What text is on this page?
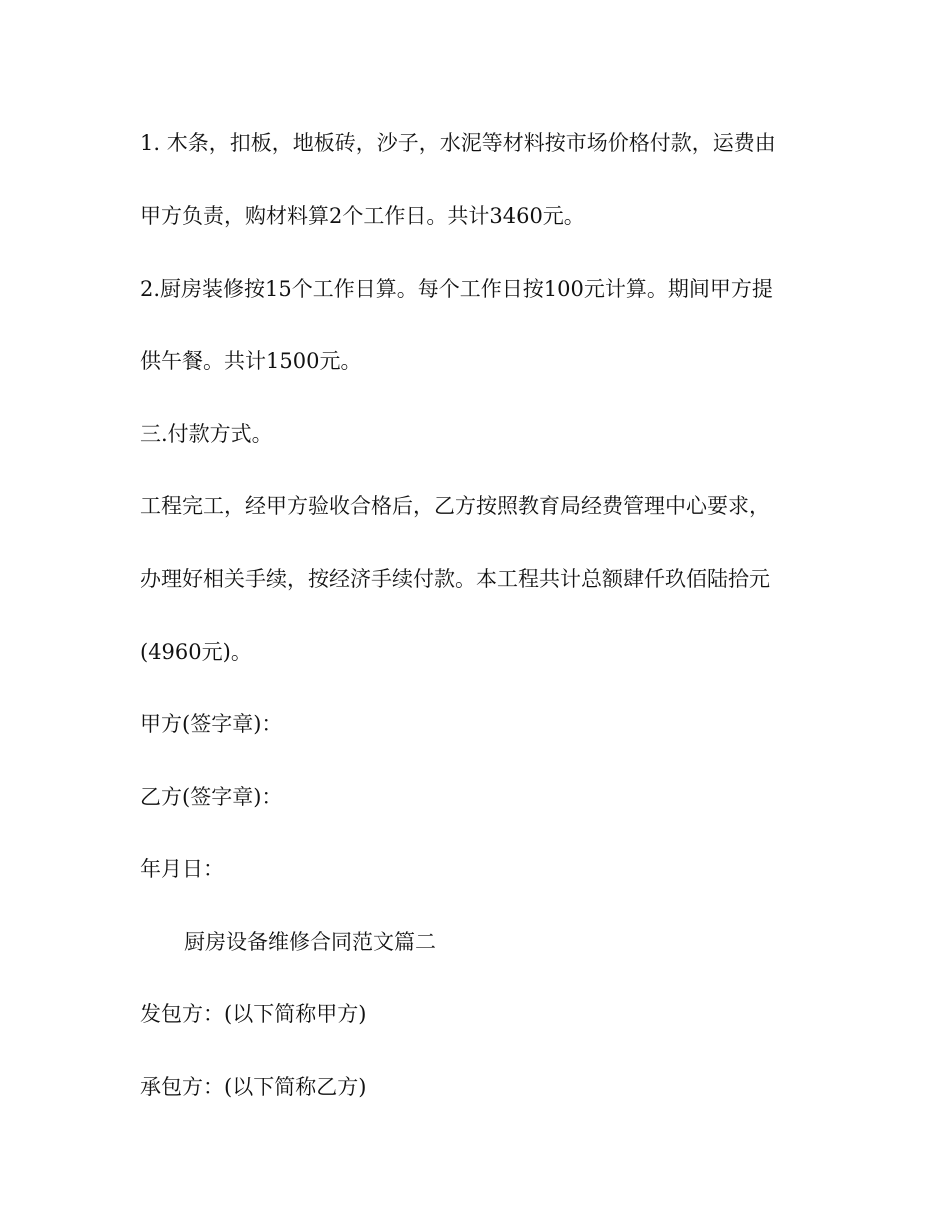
1. 木条，扣板，地板砖，沙子，水泥等材料按市场价格付款，运费由
甲方负责，购材料算2个工作日。共计3460元。
2.厨房装修按15个工作日算。每个工作日按100元计算。期间甲方提
供午餐。共计1500元。
三.付款方式。
工程完工，经甲方验收合格后，乙方按照教育局经费管理中心要求，
办理好相关手续，按经济手续付款。本工程共计总额肆仟玖佰陆拾元
(4960元)。
甲方(签字章)：
乙方(签字章)：
年月日：
厨房设备维修合同范文篇二
发包方：(以下简称甲方)
承包方：(以下简称乙方)
